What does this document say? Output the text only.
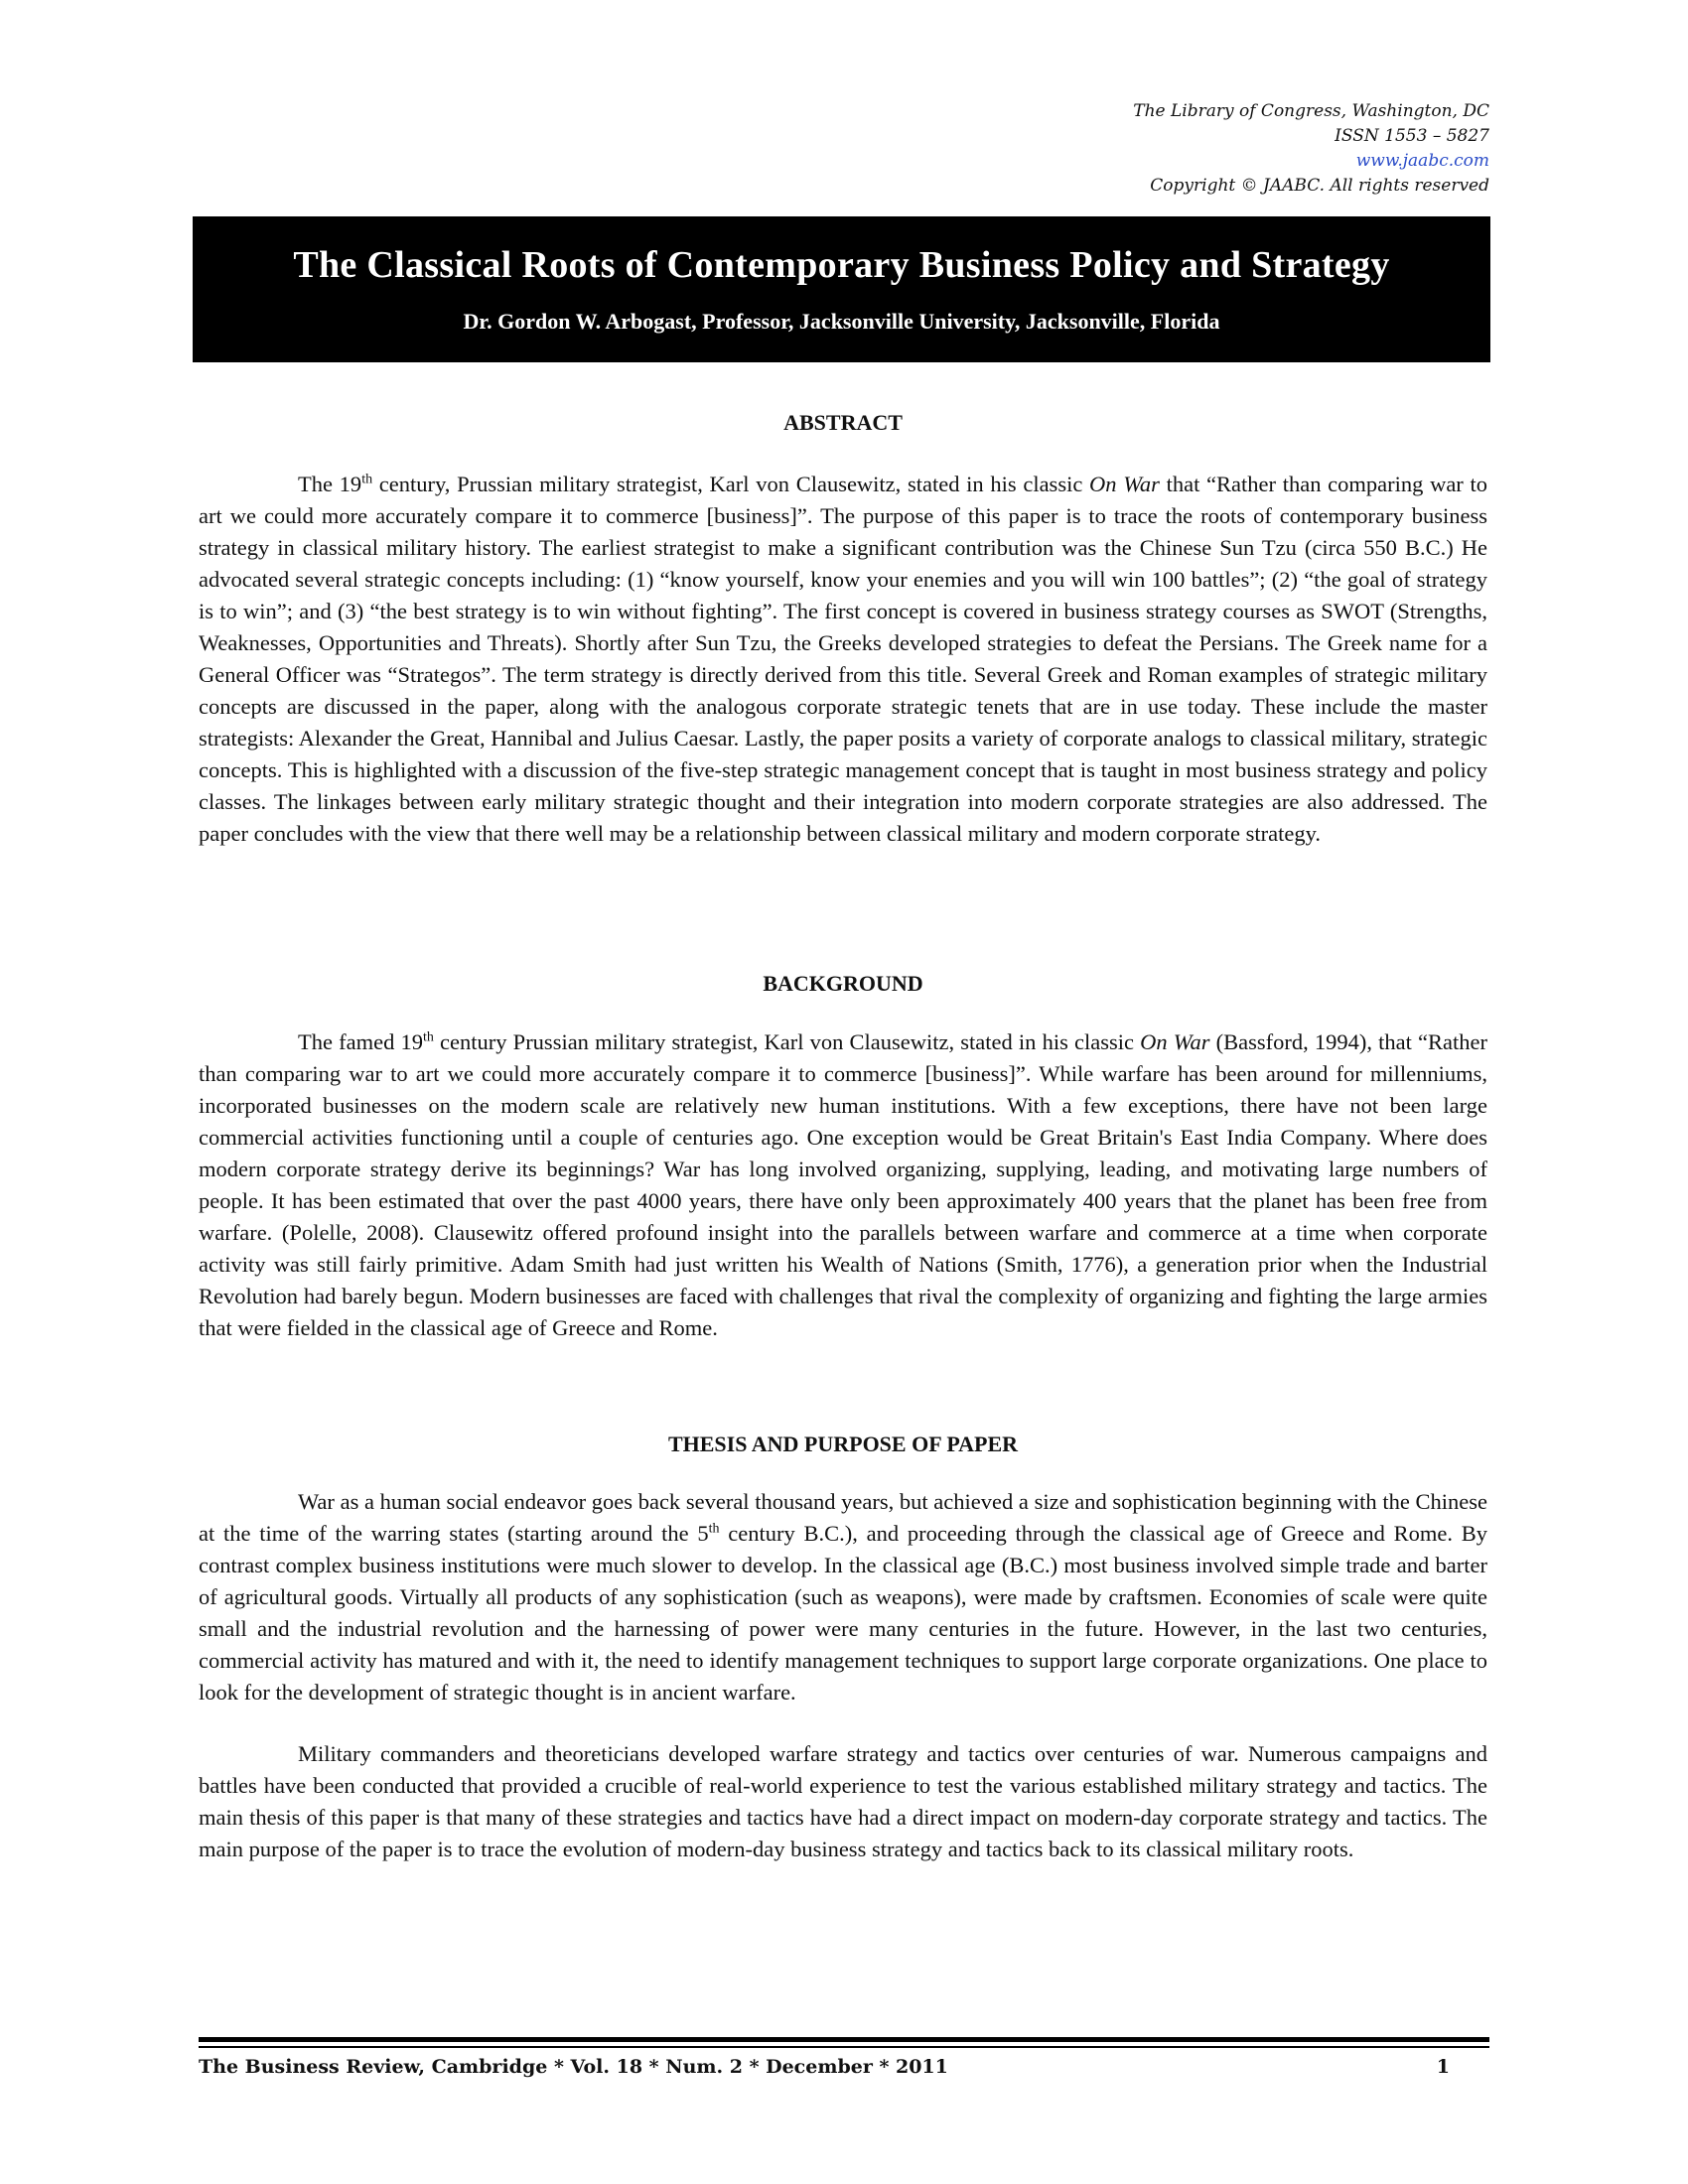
The Library of Congress, Washington, DC
ISSN 1553 – 5827
www.jaabc.com
Copyright © JAABC. All rights reserved
The Classical Roots of Contemporary Business Policy and Strategy
Dr. Gordon W. Arbogast, Professor, Jacksonville University, Jacksonville, Florida
ABSTRACT

The 19th century, Prussian military strategist, Karl von Clausewitz, stated in his classic On War that “Rather than comparing war to art we could more accurately compare it to commerce [business]”. The purpose of this paper is to trace the roots of contemporary business strategy in classical military history. The earliest strategist to make a significant contribution was the Chinese Sun Tzu (circa 550 B.C.) He advocated several strategic concepts including: (1) “know yourself, know your enemies and you will win 100 battles”; (2) “the goal of strategy is to win”; and (3) “the best strategy is to win without fighting”. The first concept is covered in business strategy courses as SWOT (Strengths, Weaknesses, Opportunities and Threats). Shortly after Sun Tzu, the Greeks developed strategies to defeat the Persians. The Greek name for a General Officer was “Strategos”. The term strategy is directly derived from this title. Several Greek and Roman examples of strategic military concepts are discussed in the paper, along with the analogous corporate strategic tenets that are in use today. These include the master strategists: Alexander the Great, Hannibal and Julius Caesar. Lastly, the paper posits a variety of corporate analogs to classical military, strategic concepts. This is highlighted with a discussion of the five-step strategic management concept that is taught in most business strategy and policy classes. The linkages between early military strategic thought and their integration into modern corporate strategies are also addressed. The paper concludes with the view that there well may be a relationship between classical military and modern corporate strategy.

BACKGROUND

The famed 19th century Prussian military strategist, Karl von Clausewitz, stated in his classic On War (Bassford, 1994), that “Rather than comparing war to art we could more accurately compare it to commerce [business]”. While warfare has been around for millenniums, incorporated businesses on the modern scale are relatively new human institutions. With a few exceptions, there have not been large commercial activities functioning until a couple of centuries ago. One exception would be Great Britain's East India Company. Where does modern corporate strategy derive its beginnings? War has long involved organizing, supplying, leading, and motivating large numbers of people. It has been estimated that over the past 4000 years, there have only been approximately 400 years that the planet has been free from warfare. (Polelle, 2008). Clausewitz offered profound insight into the parallels between warfare and commerce at a time when corporate activity was still fairly primitive. Adam Smith had just written his Wealth of Nations (Smith, 1776), a generation prior when the Industrial Revolution had barely begun. Modern businesses are faced with challenges that rival the complexity of organizing and fighting the large armies that were fielded in the classical age of Greece and Rome.

THESIS AND PURPOSE OF PAPER

War as a human social endeavor goes back several thousand years, but achieved a size and sophistication beginning with the Chinese at the time of the warring states (starting around the 5th century B.C.), and proceeding through the classical age of Greece and Rome. By contrast complex business institutions were much slower to develop. In the classical age (B.C.) most business involved simple trade and barter of agricultural goods. Virtually all products of any sophistication (such as weapons), were made by craftsmen. Economies of scale were quite small and the industrial revolution and the harnessing of power were many centuries in the future. However, in the last two centuries, commercial activity has matured and with it, the need to identify management techniques to support large corporate organizations. One place to look for the development of strategic thought is in ancient warfare.

Military commanders and theoreticians developed warfare strategy and tactics over centuries of war. Numerous campaigns and battles have been conducted that provided a crucible of real-world experience to test the various established military strategy and tactics. The main thesis of this paper is that many of these strategies and tactics have had a direct impact on modern-day corporate strategy and tactics. The main purpose of the paper is to trace the evolution of modern-day business strategy and tactics back to its classical military roots.

The Business Review, Cambridge * Vol. 18 * Num. 2 * December * 2011	1
